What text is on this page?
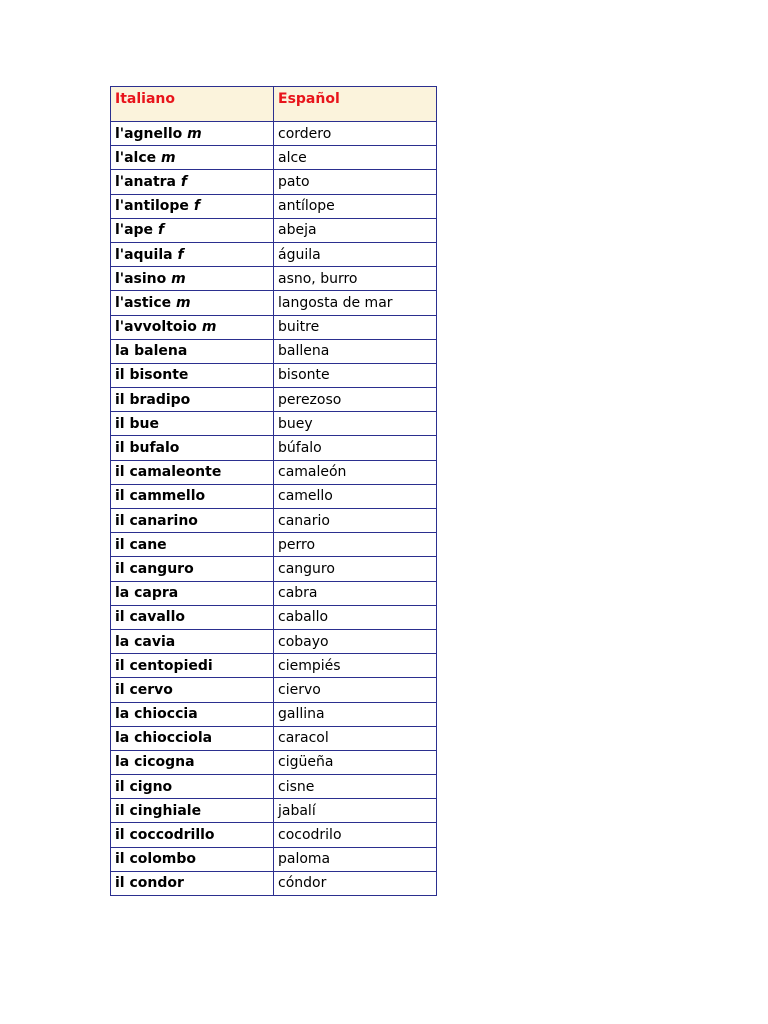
Italiano	Español
l'agnello m	cordero
l'alce m	alce
l'anatra f	pato
l'antilope f	antílope
l'ape f	abeja
l'aquila f	águila
l'asino m	asno, burro
l'astice m	langosta de mar
l'avvoltoio m	buitre
la balena	ballena
il bisonte	bisonte
il bradipo	perezoso
il bue	buey
il bufalo	búfalo
il camaleonte	camaleón
il cammello	camello
il canarino	canario
il cane	perro
il canguro	canguro
la capra	cabra
il cavallo	caballo
la cavia	cobayo
il centopiedi	ciempiés
il cervo	ciervo
la chioccia	gallina
la chiocciola	caracol
la cicogna	cigüeña
il cigno	cisne
il cinghiale	jabalí
il coccodrillo	cocodrilo
il colombo	paloma
il condor	cóndor
